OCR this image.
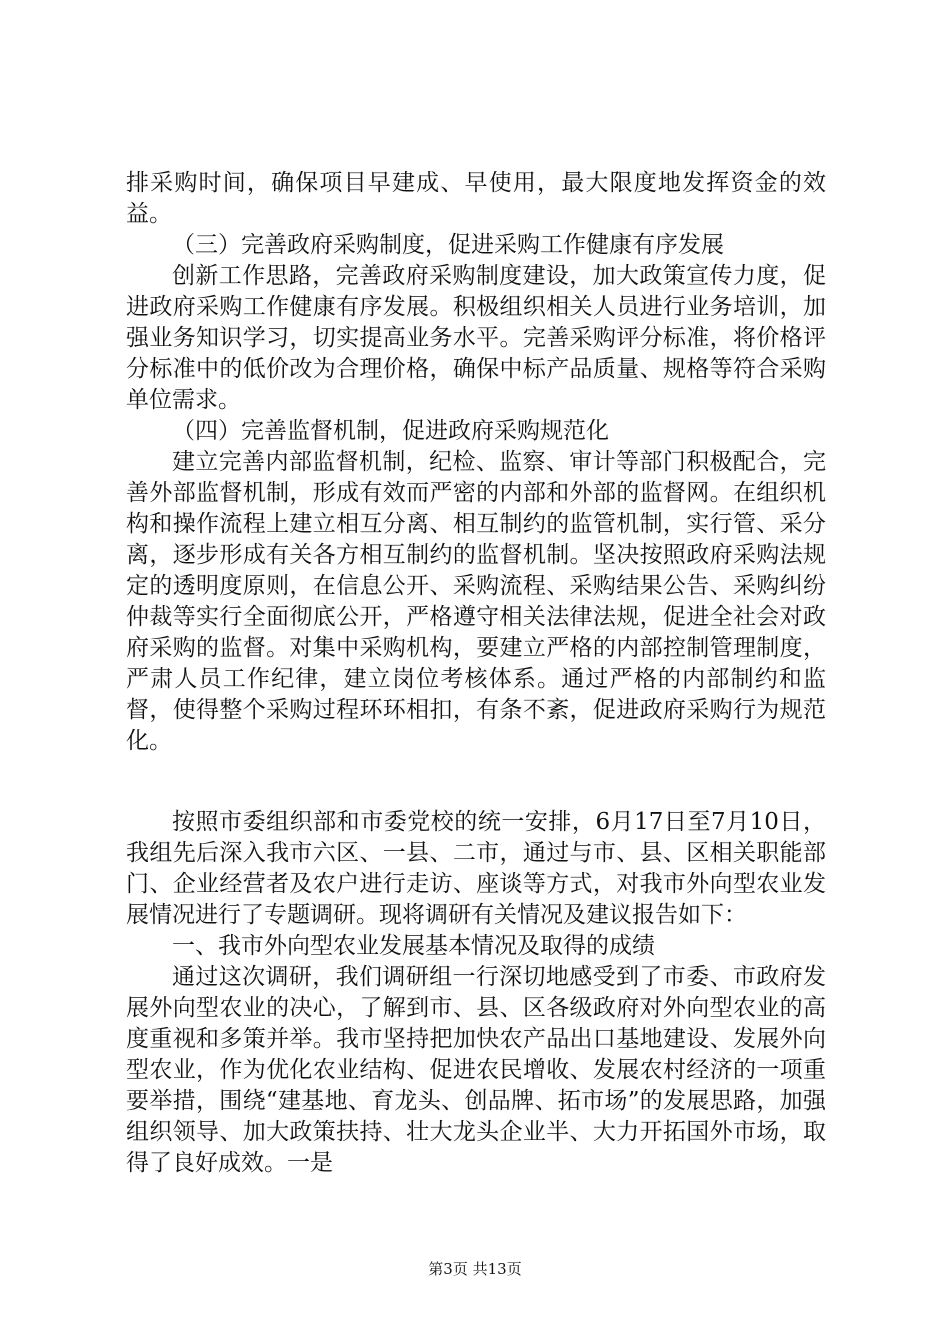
排采购时间，确保项目早建成、早使用，最大限度地发挥资金的效益。

（三）完善政府采购制度，促进采购工作健康有序发展

创新工作思路，完善政府采购制度建设，加大政策宣传力度，促进政府采购工作健康有序发展。积极组织相关人员进行业务培训，加强业务知识学习，切实提高业务水平。完善采购评分标准，将价格评分标准中的低价改为合理价格，确保中标产品质量、规格等符合采购单位需求。

（四）完善监督机制，促进政府采购规范化

建立完善内部监督机制，纪检、监察、审计等部门积极配合，完善外部监督机制，形成有效而严密的内部和外部的监督网。在组织机构和操作流程上建立相互分离、相互制约的监管机制，实行管、采分离，逐步形成有关各方相互制约的监督机制。坚决按照政府采购法规定的透明度原则，在信息公开、采购流程、采购结果公告、采购纠纷仲裁等实行全面彻底公开，严格遵守相关法律法规，促进全社会对政府采购的监督。对集中采购机构，要建立严格的内部控制管理制度，严肃人员工作纪律，建立岗位考核体系。通过严格的内部制约和监督，使得整个采购过程环环相扣，有条不紊，促进政府采购行为规范化。

按照市委组织部和市委党校的统一安排，6月17日至7月10日，我组先后深入我市六区、一县、二市，通过与市、县、区相关职能部门、企业经营者及农户进行走访、座谈等方式，对我市外向型农业发展情况进行了专题调研。现将调研有关情况及建议报告如下：

一、我市外向型农业发展基本情况及取得的成绩

通过这次调研，我们调研组一行深切地感受到了市委、市政府发展外向型农业的决心，了解到市、县、区各级政府对外向型农业的高度重视和多策并举。我市坚持把加快农产品出口基地建设、发展外向型农业，作为优化农业结构、促进农民增收、发展农村经济的一项重要举措，围绕“建基地、育龙头、创品牌、拓市场”的发展思路，加强组织领导、加大政策扶持、壮大龙头企业半、大力开拓国外市场，取得了良好成效。一是

第3页 共13页
